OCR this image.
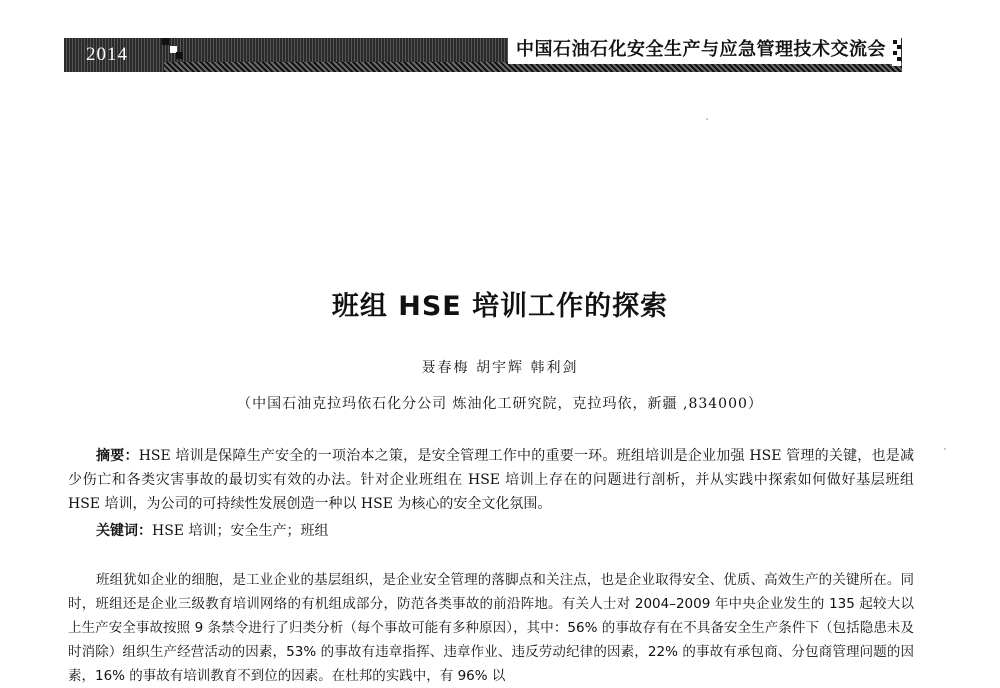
2014	中国石油石化安全生产与应急管理技术交流会
班组 HSE 培训工作的探索
聂春梅 胡宇辉 韩利剑
（中国石油克拉玛依石化分公司 炼油化工研究院，克拉玛依，新疆 ,834000）

摘要：HSE 培训是保障生产安全的一项治本之策，是安全管理工作中的重要一环。班组培训是企业加强 HSE 管理的关键，也是减少伤亡和各类灾害事故的最切实有效的办法。针对企业班组在 HSE 培训上存在的问题进行剖析，并从实践中探索如何做好基层班组 HSE 培训，为公司的可持续性发展创造一种以 HSE 为核心的安全文化氛围。

关键词：HSE 培训；安全生产；班组

班组犹如企业的细胞，是工业企业的基层组织，是企业安全管理的落脚点和关注点，也是企业取得安全、优质、高效生产的关键所在。同时，班组还是企业三级教育培训网络的有机组成部分，防范各类事故的前沿阵地。有关人士对 2004–2009 年中央企业发生的 135 起较大以上生产安全事故按照 9 条禁令进行了归类分析（每个事故可能有多种原因），其中：56% 的事故存有在不具备安全生产条件下（包括隐患未及时消除）组织生产经营活动的因素，53% 的事故有违章指挥、违章作业、违反劳动纪律的因素，22% 的事故有承包商、分包商管理问题的因素，16% 的事故有培训教育不到位的因素。在杜邦的实践中，有 96% 以
